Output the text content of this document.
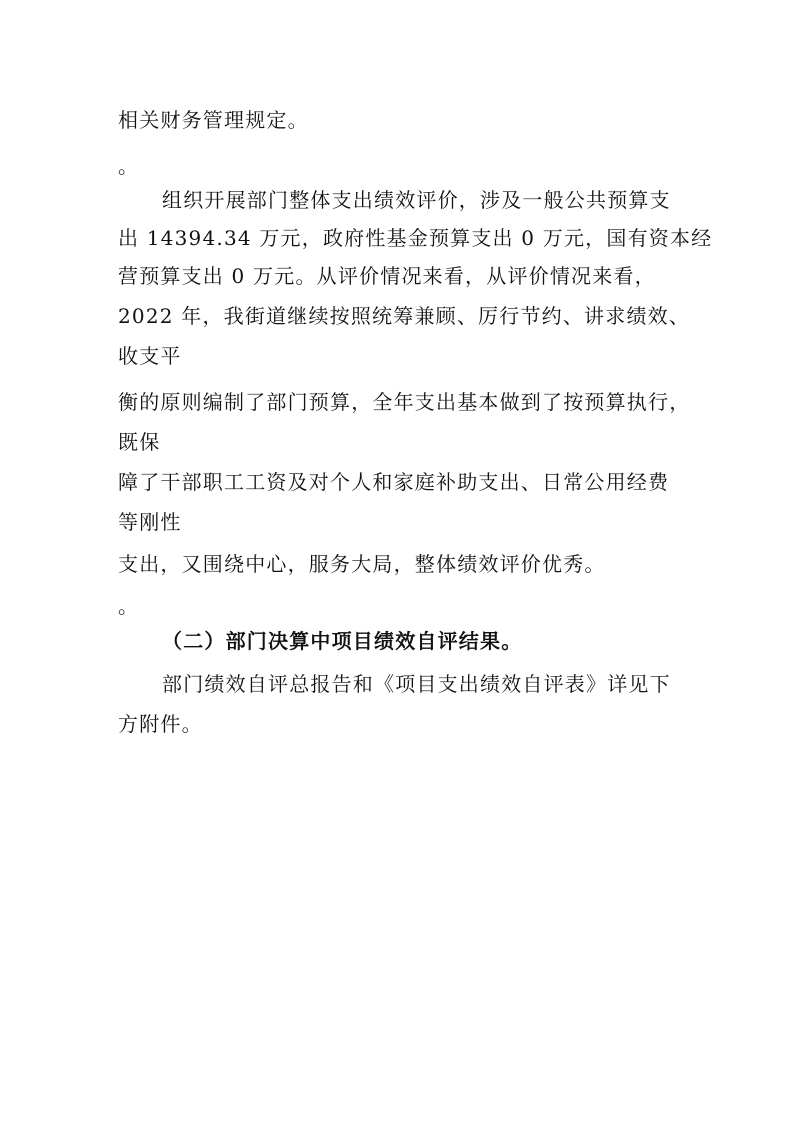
相关财务管理规定。
。
组织开展部门整体支出绩效评价，涉及一般公共预算支
出 14394.34 万元，政府性基金预算支出 0 万元，国有资本经
营预算支出 0 万元。从评价情况来看，从评价情况来看，
2022 年，我街道继续按照统筹兼顾、厉行节约、讲求绩效、
收支平
衡的原则编制了部门预算，全年支出基本做到了按预算执行，
既保
障了干部职工工资及对个人和家庭补助支出、日常公用经费
等刚性
支出，又围绕中心，服务大局，整体绩效评价优秀。
。
（二）部门决算中项目绩效自评结果。
部门绩效自评总报告和《项目支出绩效自评表》详见下
方附件。
